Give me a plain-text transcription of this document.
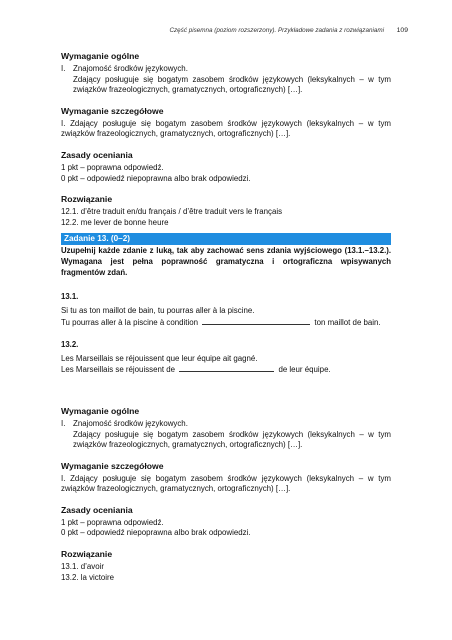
Część pisemna (poziom rozszerzony). Przykładowe zadania z rozwiązaniami 109
Wymaganie ogólne
I. Znajomość środków językowych.
Zdający posługuje się bogatym zasobem środków językowych (leksykalnych – w tym związków frazeologicznych, gramatycznych, ortograficznych) […].
Wymaganie szczegółowe
I. Zdający posługuje się bogatym zasobem środków językowych (leksykalnych – w tym związków frazeologicznych, gramatycznych, ortograficznych) […].
Zasady oceniania
1 pkt – poprawna odpowiedź.
0 pkt – odpowiedź niepoprawna albo brak odpowiedzi.
Rozwiązanie
12.1. d’être traduit en/du français / d’être traduit vers le français
12.2. me lever de bonne heure
Zadanie 13. (0–2)
Uzupełnij każde zdanie z luką, tak aby zachować sens zdania wyjściowego (13.1.–13.2.). Wymagana jest pełna poprawność gramatyczna i ortograficzna wpisywanych fragmentów zdań.
13.1.
Si tu as ton maillot de bain, tu pourras aller à la piscine.
Tu pourras aller à la piscine à condition	ton maillot de bain.
13.2.
Les Marseillais se réjouissent que leur équipe ait gagné.
Les Marseillais se réjouissent de	de leur équipe.
Wymaganie ogólne
I. Znajomość środków językowych.
Zdający posługuje się bogatym zasobem środków językowych (leksykalnych – w tym związków frazeologicznych, gramatycznych, ortograficznych) […].
Wymaganie szczegółowe
I. Zdający posługuje się bogatym zasobem środków językowych (leksykalnych – w tym związków frazeologicznych, gramatycznych, ortograficznych) […].
Zasady oceniania
1 pkt – poprawna odpowiedź.
0 pkt – odpowiedź niepoprawna albo brak odpowiedzi.
Rozwiązanie
13.1. d’avoir
13.2. la victoire
